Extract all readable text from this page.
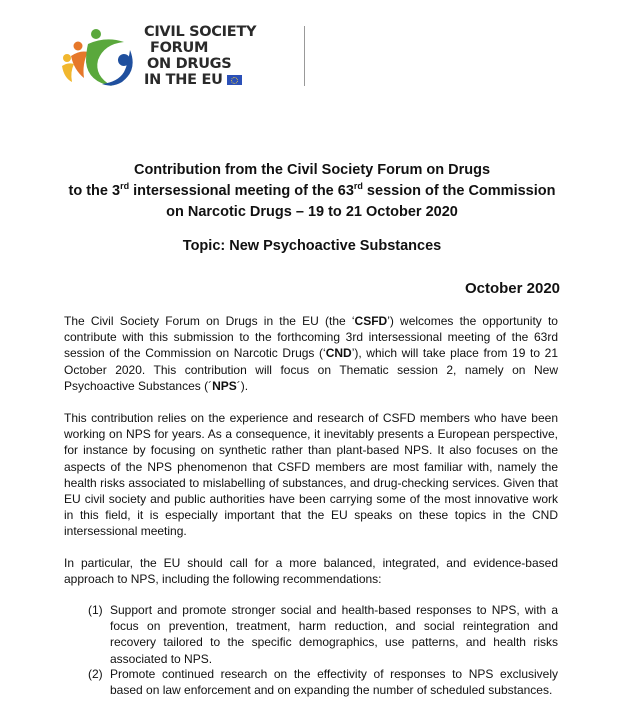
CIVIL SOCIETY
FORUM
ON DRUGS
IN THE EU
Contribution from the Civil Society Forum on Drugs
to the 3rd intersessional meeting of the 63rd session of the Commission
on Narcotic Drugs – 19 to 21 October 2020
Topic: New Psychoactive Substances
October 2020
The Civil Society Forum on Drugs in the EU (the ‘CSFD’) welcomes the opportunity to contribute with this submission to the forthcoming 3rd intersessional meeting of the 63rd session of the Commission on Narcotic Drugs (‘CND’), which will take place from 19 to 21 October 2020. This contribution will focus on Thematic session 2, namely on New Psychoactive Substances (´NPS´).
This contribution relies on the experience and research of CSFD members who have been working on NPS for years. As a consequence, it inevitably presents a European perspective, for instance by focusing on synthetic rather than plant-based NPS. It also focuses on the aspects of the NPS phenomenon that CSFD members are most familiar with, namely the health risks associated to mislabelling of substances, and drug-checking services. Given that EU civil society and public authorities have been carrying some of the most innovative work in this field, it is especially important that the EU speaks on these topics in the CND intersessional meeting.
In particular, the EU should call for a more balanced, integrated, and evidence-based approach to NPS, including the following recommendations:
(1) Support and promote stronger social and health-based responses to NPS, with a focus on prevention, treatment, harm reduction, and social reintegration and recovery tailored to the specific demographics, use patterns, and health risks associated to NPS.
(2) Promote continued research on the effectivity of responses to NPS exclusively based on law enforcement and on expanding the number of scheduled substances.
